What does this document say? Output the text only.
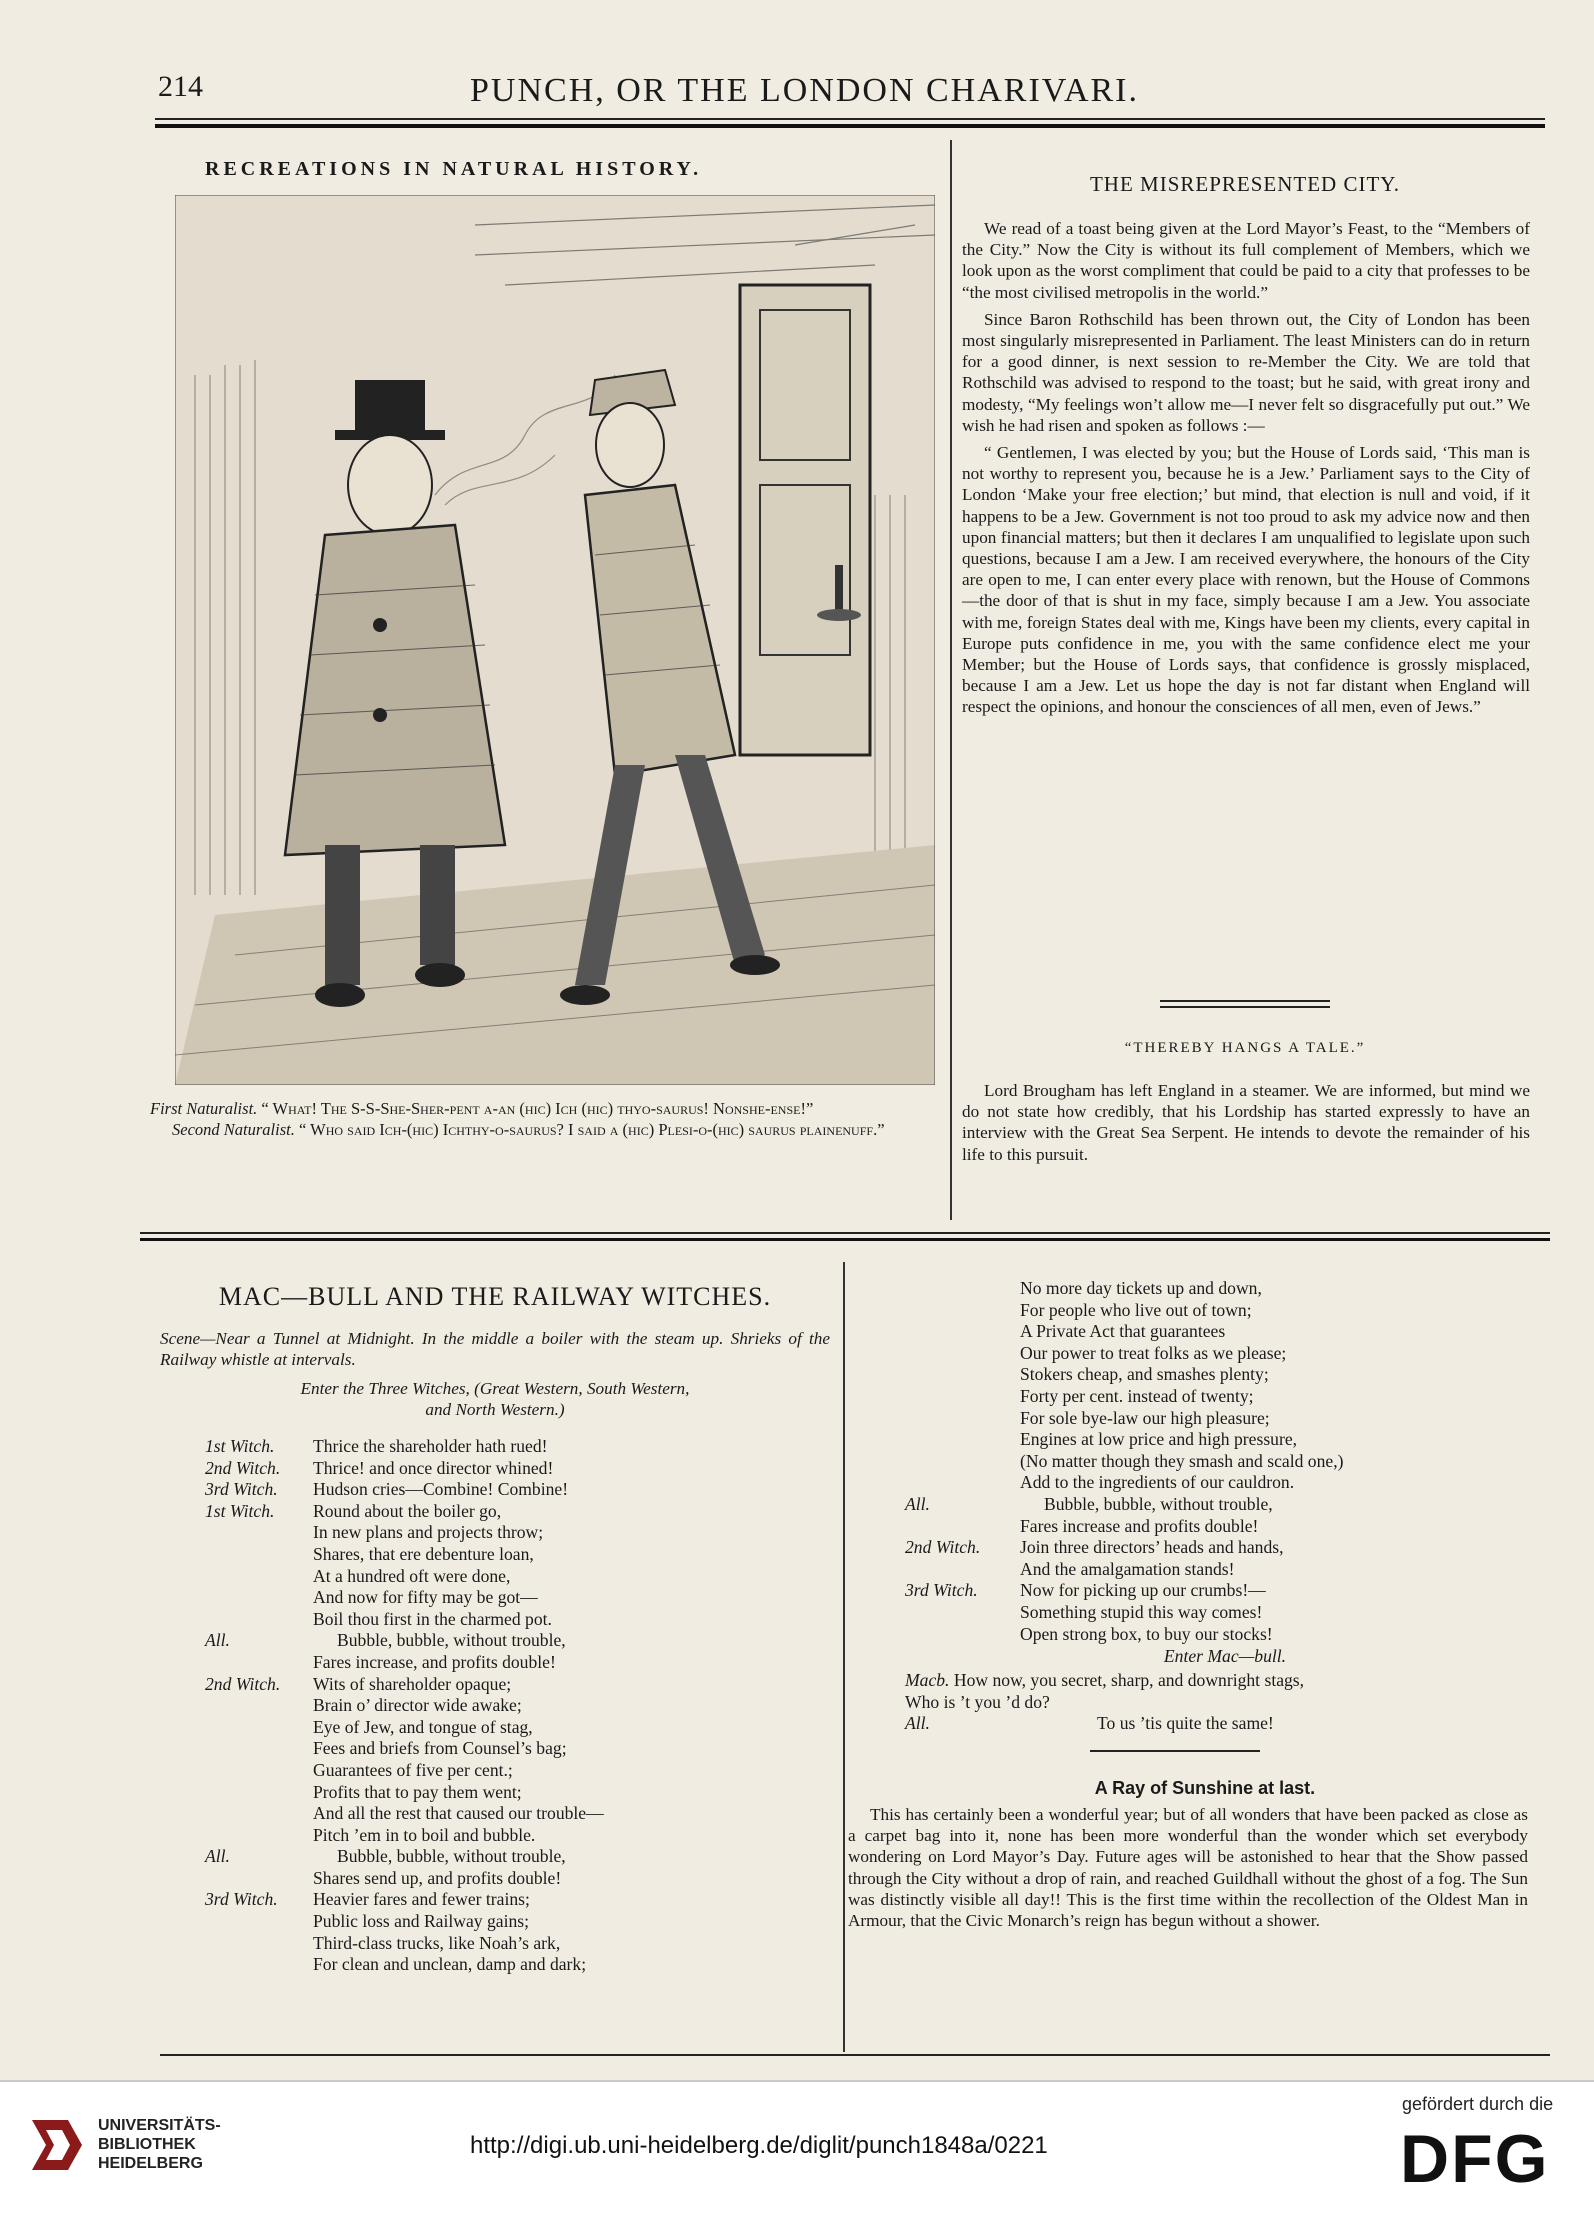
214	PUNCH, OR THE LONDON CHARIVARI.
RECREATIONS IN NATURAL HISTORY.

First Naturalist. “ What! The S-S-She-Sher-pent a-an (hic) Ich (hic) thyo-saurus! Nonshe-ense!”

Second Naturalist. “ Who said Ich-(hic) Ichthy-o-saurus? I said a (hic) Plesi-o-(hic) saurus plainenuff.”

THE MISREPRESENTED CITY.

We read of a toast being given at the Lord Mayor’s Feast, to the “Members of the City.” Now the City is without its full complement of Members, which we look upon as the worst compliment that could be paid to a city that professes to be “the most civilised metropolis in the world.”

Since Baron Rothschild has been thrown out, the City of London has been most singularly misrepresented in Parliament. The least Ministers can do in return for a good dinner, is next session to re-Member the City. We are told that Rothschild was advised to respond to the toast; but he said, with great irony and modesty, “My feelings won’t allow me—I never felt so disgracefully put out.” We wish he had risen and spoken as follows :—

“ Gentlemen, I was elected by you; but the House of Lords said, ‘This man is not worthy to represent you, because he is a Jew.’ Parliament says to the City of London ‘Make your free election;’ but mind, that election is null and void, if it happens to be a Jew. Government is not too proud to ask my advice now and then upon financial matters; but then it declares I am unqualified to legislate upon such questions, because I am a Jew. I am received everywhere, the honours of the City are open to me, I can enter every place with renown, but the House of Commons—the door of that is shut in my face, simply because I am a Jew. You associate with me, foreign States deal with me, Kings have been my clients, every capital in Europe puts confidence in me, you with the same confidence elect me your Member; but the House of Lords says, that confidence is grossly misplaced, because I am a Jew. Let us hope the day is not far distant when England will respect the opinions, and honour the consciences of all men, even of Jews.”

“THEREBY HANGS A TALE.”

Lord Brougham has left England in a steamer. We are informed, but mind we do not state how credibly, that his Lordship has started expressly to have an interview with the Great Sea Serpent. He intends to devote the remainder of his life to this pursuit.

MAC—BULL AND THE RAILWAY WITCHES.
Scene—Near a Tunnel at Midnight. In the middle a boiler with the steam up. Shrieks of the Railway whistle at intervals.
Enter the Three Witches, (Great Western, South Western,
and North Western.)
1st Witch. Thrice the shareholder hath rued!
2nd Witch. Thrice! and once director whined!
3rd Witch. Hudson cries—Combine! Combine!
1st Witch. Round about the boiler go,
In new plans and projects throw;
Shares, that ere debenture loan,
At a hundred oft were done,
And now for fifty may be got—
Boil thou first in the charmed pot.
All.	Bubble, bubble, without trouble,
Fares increase, and profits double!
2nd Witch. Wits of shareholder opaque;
Brain o’ director wide awake;
Eye of Jew, and tongue of stag,
Fees and briefs from Counsel’s bag;
Guarantees of five per cent.;
Profits that to pay them went;
And all the rest that caused our trouble—
Pitch ’em in to boil and bubble.
All.	Bubble, bubble, without trouble,
Shares send up, and profits double!
3rd Witch. Heavier fares and fewer trains;
Public loss and Railway gains;
Third-class trucks, like Noah’s ark,
For clean and unclean, damp and dark;
No more day tickets up and down,
For people who live out of town;
A Private Act that guarantees
Our power to treat folks as we please;
Stokers cheap, and smashes plenty;
Forty per cent. instead of twenty;
For sole bye-law our high pleasure;
Engines at low price and high pressure,
(No matter though they smash and scald one,)
Add to the ingredients of our cauldron.
All.	Bubble, bubble, without trouble,
Fares increase and profits double!
2nd Witch. Join three directors’ heads and hands,
And the amalgamation stands!
3rd Witch. Now for picking up our crumbs!—
Something stupid this way comes!
Open strong box, to buy our stocks!
Enter Mac—bull.
Macb. How now, you secret, sharp, and downright stags,
Who is ’t you ’d do?
All.	To us ’tis quite the same!
A Ray of Sunshine at last.

This has certainly been a wonderful year; but of all wonders that have been packed as close as a carpet bag into it, none has been more wonderful than the wonder which set everybody wondering on Lord Mayor’s Day. Future ages will be astonished to hear that the Show passed through the City without a drop of rain, and reached Guildhall without the ghost of a fog. The Sun was distinctly visible all day!! This is the first time within the recollection of the Oldest Man in Armour, that the Civic Monarch’s reign has begun without a shower.

UNIVERSITÄTS-
BIBLIOTHEK
HEIDELBERG
http://digi.ub.uni-heidelberg.de/diglit/punch1848a/0221
gefördert durch die
DFG
